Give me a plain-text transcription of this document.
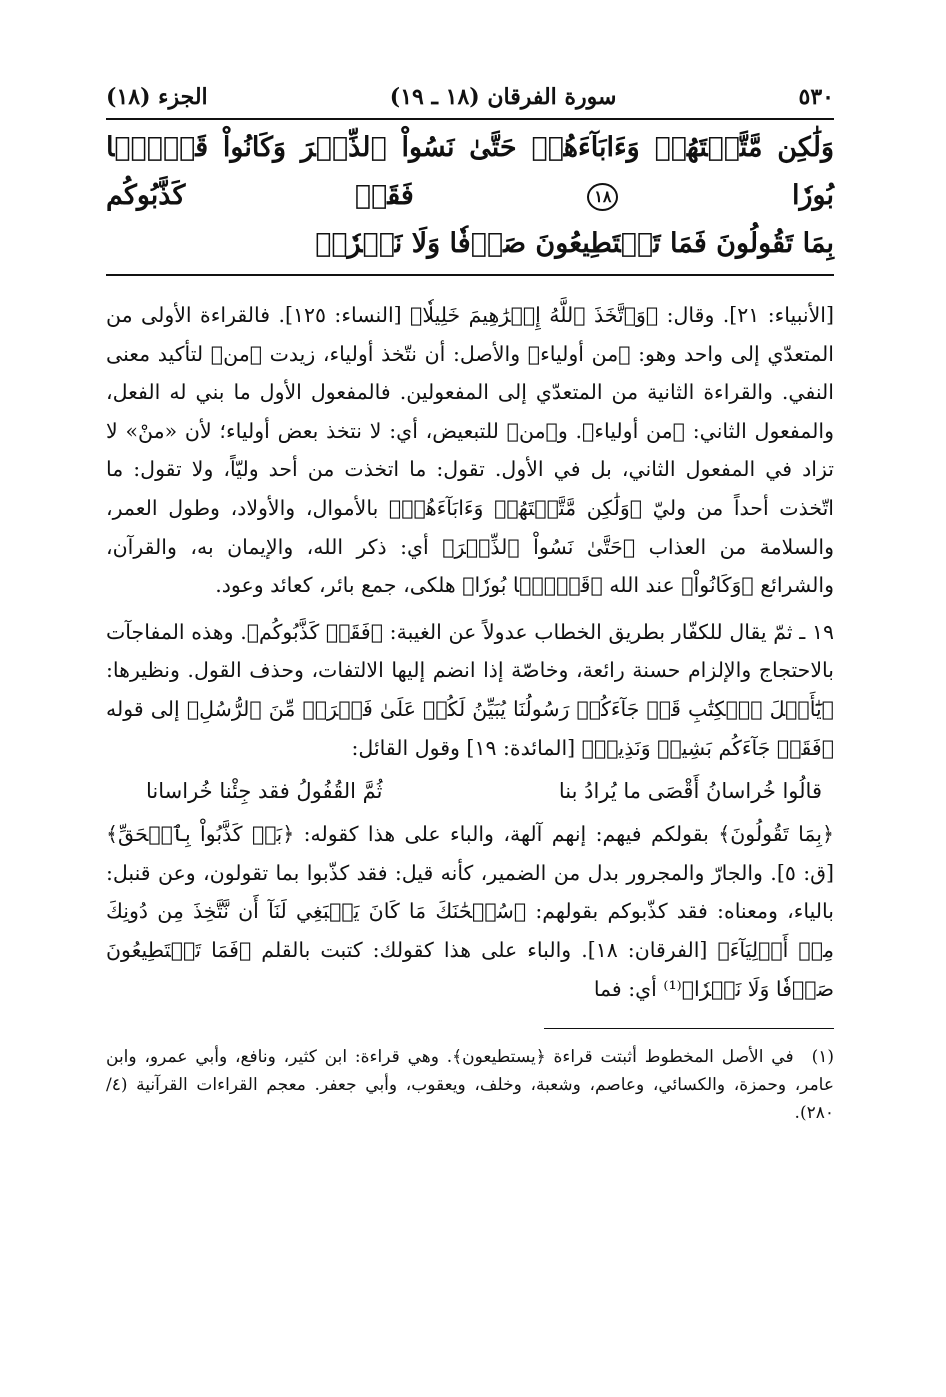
٥٣٠
سورة الفرقان (١٨ ـ ١٩)
الجزء (١٨)
وَلَٰكِن مَّتَّعۡتَهُمۡ وَءَابَآءَهُمۡ حَتَّىٰ نَسُواْ ٱلذِّكۡرَ وَكَانُواْ قَوۡمَۢا بُورٗا ١٨ فَقَدۡ كَذَّبُوكُم
بِمَا تَقُولُونَ فَمَا تَسۡتَطِيعُونَ صَرۡفٗا وَلَا نَصۡرٗاۚ

[الأنبياء: ٢١]. وقال: ﴿وَٱتَّخَذَ ٱللَّهُ إِبۡرَٰهِيمَ خَلِيلٗا﴾ [النساء: ١٢٥]. فالقراءة الأولى من المتعدّي إلى واحد وهو: ﴿من أولياء﴾ والأصل: أن نتّخذ أولياء، زيدت ﴿من﴾ لتأكيد معنى النفي. والقراءة الثانية من المتعدّي إلى المفعولين. فالمفعول الأول ما بني له الفعل، والمفعول الثاني: ﴿من أولياء﴾. و﴿من﴾ للتبعيض، أي: لا نتخذ بعض أولياء؛ لأن «منْ» لا تزاد في المفعول الثاني، بل في الأول. تقول: ما اتخذت من أحد وليّاً، ولا تقول: ما اتّخذت أحداً من وليّ ﴿وَلَٰكِن مَّتَّعۡتَهُمۡ وَءَابَآءَهُمۡ﴾ بالأموال، والأولاد، وطول العمر، والسلامة من العذاب ﴿حَتَّىٰ نَسُواْ ٱلذِّكۡرَ﴾ أي: ذكر الله، والإيمان به، والقرآن، والشرائع ﴿وَكَانُواْ﴾ عند الله ﴿قَوۡمَۢا بُورٗا﴾ هلكى، جمع بائر، كعائد وعود.

١٩ ـ ثمّ يقال للكفّار بطريق الخطاب عدولاً عن الغيبة: ﴿فَقَدۡ كَذَّبُوكُم﴾. وهذه المفاجآت بالاحتجاج والإلزام حسنة رائعة، وخاصّة إذا انضم إليها الالتفات، وحذف القول. ونظيرها: ﴿يَٰٓأَهۡلَ ٱلۡكِتَٰبِ قَدۡ جَآءَكُمۡ رَسُولُنَا يُبَيِّنُ لَكُمۡ عَلَىٰ فَتۡرَةٖ مِّنَ ٱلرُّسُلِ﴾ إلى قوله ﴿فَقَدۡ جَآءَكُم بَشِيرٞ وَنَذِيرٞ﴾ [المائدة: ١٩] وقول القائل:

قالُوا خُراسانُ أَقْصَى ما يُرادُ بنا
ثُمَّ القُفُولُ فقد جِئْنا خُراسانا

﴿بِمَا تَقُولُونَ﴾ بقولكم فيهم: إنهم آلهة، والباء على هذا كقوله: ﴿بَلۡ كَذَّبُواْ بِٱلۡحَقِّ﴾ [ق: ٥]. والجارّ والمجرور بدل من الضمير، كأنه قيل: فقد كذّبوا بما تقولون، وعن قنبل: بالياء، ومعناه: فقد كذّبوكم بقولهم: ﴿سُبۡحَٰنَكَ مَا كَانَ يَنۢبَغِي لَنَآ أَن نَّتَّخِذَ مِن دُونِكَ مِنۡ أَوۡلِيَآءَ﴾ [الفرقان: ١٨]. والباء على هذا كقولك: كتبت بالقلم ﴿فَمَا تَسۡتَطِيعُونَ صَرۡفٗا وَلَا نَصۡرٗا﴾⁽¹⁾ أي: فما

(١)في الأصل المخطوط أثبتت قراءة ﴿يستطيعون﴾. وهي قراءة: ابن كثير، ونافع، وأبي عمرو، وابن عامر، وحمزة، والكسائي، وعاصم، وشعبة، وخلف، ويعقوب، وأبي جعفر. معجم القراءات القرآنية (٤/ ٢٨٠).
